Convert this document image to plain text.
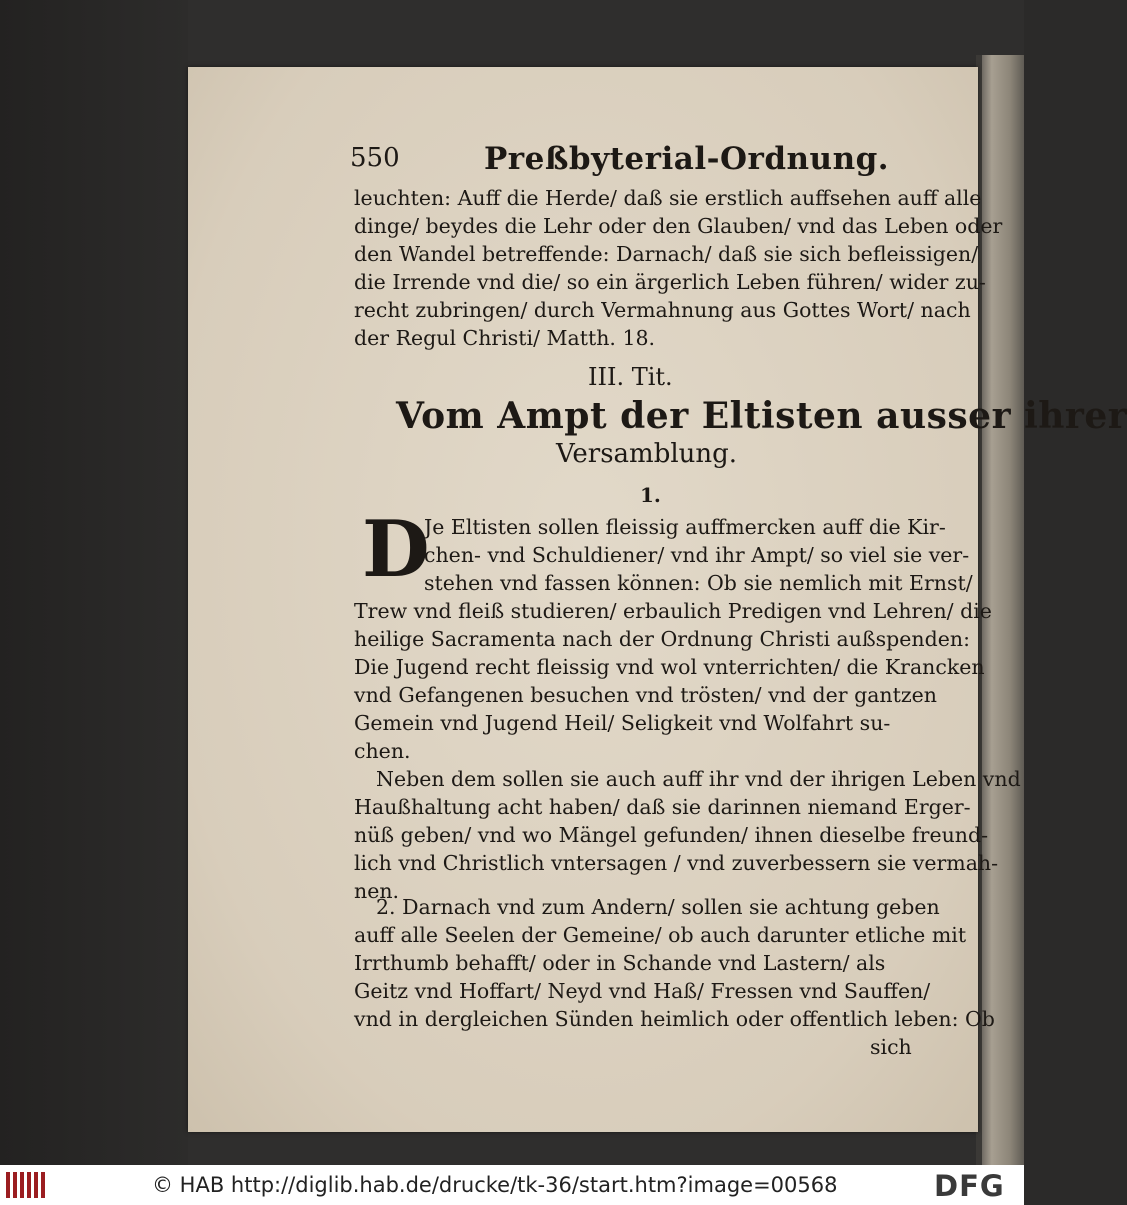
550	Preßbyterial-Ordnung.
leuchten: Auff die Herde/ daß sie erstlich auffsehen auff alle
dinge/ beydes die Lehr oder den Glauben/ vnd das Leben oder
den Wandel betreffende: Darnach/ daß sie sich befleissigen/
die Irrende vnd die/ so ein ärgerlich Leben führen/ wider zu-
recht zubringen/ durch Vermahnung aus Gottes Wort/ nach
der Regul Christi/ Matth. 18.
III. Tit.
Vom Ampt der Eltisten ausser ihrer
Versamblung.
1.
D
Je Eltisten sollen fleissig auffmercken auff die Kir-
chen- vnd Schuldiener/ vnd ihr Ampt/ so viel sie ver-
stehen vnd fassen können: Ob sie nemlich mit Ernst/
Trew vnd fleiß studieren/ erbaulich Predigen vnd Lehren/ die
heilige Sacramenta nach der Ordnung Christi außspenden:
Die Jugend recht fleissig vnd wol vnterrichten/ die Krancken
vnd Gefangenen besuchen vnd trösten/ vnd der gantzen
Gemein vnd Jugend Heil/ Seligkeit vnd Wolfahrt su-
chen.
Neben dem sollen sie auch auff ihr vnd der ihrigen Leben vnd
Haußhaltung acht haben/ daß sie darinnen niemand Erger-
nüß geben/ vnd wo Mängel gefunden/ ihnen dieselbe freund-
lich vnd Christlich vntersagen / vnd zuverbessern sie vermah-
nen.
2. Darnach vnd zum Andern/ sollen sie achtung geben
auff alle Seelen der Gemeine/ ob auch darunter etliche mit
Irrthumb behafft/ oder in Schande vnd Lastern/ als
Geitz vnd Hoffart/ Neyd vnd Haß/ Fressen vnd Sauffen/
vnd in dergleichen Sünden heimlich oder offentlich leben: Ob
sich
© HAB http://diglib.hab.de/drucke/tk-36/start.htm?image=00568	DFG
